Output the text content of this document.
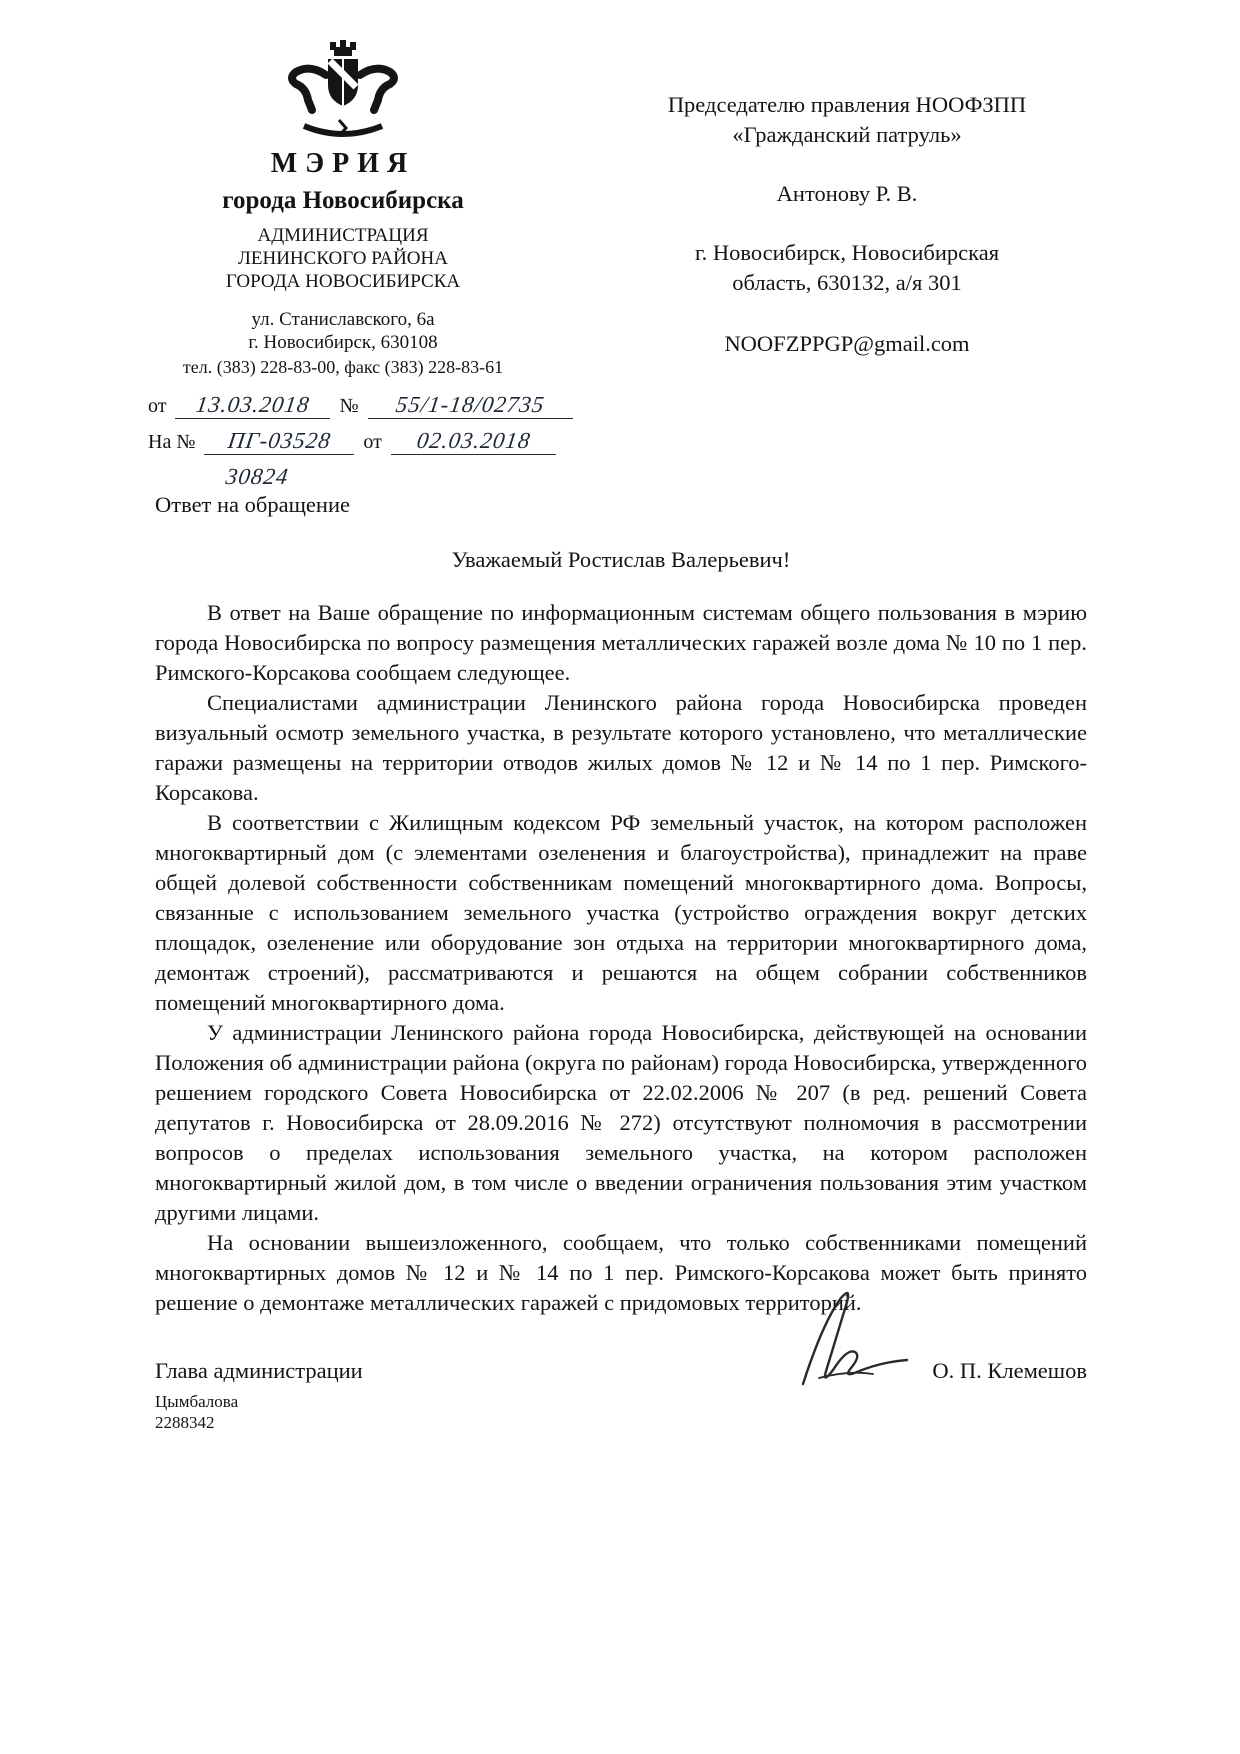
МЭРИЯ
города Новосибирска
АДМИНИСТРАЦИЯ
ЛЕНИНСКОГО РАЙОНА
ГОРОДА НОВОСИБИРСКА
ул. Станиславского, 6а
г. Новосибирск, 630108
тел. (383) 228-83-00, факс (383) 228-83-61
от 13.03.2018 № 55/1-18/02735
На № ПГ-03528 от 02.03.2018
30824
Председателю правления НООФЗПП
«Гражданский патруль»
Антонову Р. В.
г. Новосибирск, Новосибирская
область, 630132, а/я 301
NOOFZPPGP@gmail.com
Ответ на обращение
Уважаемый Ростислав Валерьевич!

В ответ на Ваше обращение по информационным системам общего пользования в мэрию города Новосибирска по вопросу размещения металлических гаражей возле дома № 10 по 1 пер. Римского-Корсакова сообщаем следующее.

Специалистами администрации Ленинского района города Новосибирска проведен визуальный осмотр земельного участка, в результате которого установлено, что металлические гаражи размещены на территории отводов жилых домов № 12 и № 14 по 1 пер. Римского-Корсакова.

В соответствии с Жилищным кодексом РФ земельный участок, на котором расположен многоквартирный дом (с элементами озеленения и благоустройства), принадлежит на праве общей долевой собственности собственникам помещений многоквартирного дома. Вопросы, связанные с использованием земельного участка (устройство ограждения вокруг детских площадок, озеленение или оборудование зон отдыха на территории многоквартирного дома, демонтаж строений), рассматриваются и решаются на общем собрании собственников помещений многоквартирного дома.

У администрации Ленинского района города Новосибирска, действующей на основании Положения об администрации района (округа по районам) города Новосибирска, утвержденного решением городского Совета Новосибирска от 22.02.2006 № 207 (в ред. решений Совета депутатов г. Новосибирска от 28.09.2016 № 272) отсутствуют полномочия в рассмотрении вопросов о пределах использования земельного участка, на котором расположен многоквартирный жилой дом, в том числе о введении ограничения пользования этим участком другими лицами.

На основании вышеизложенного, сообщаем, что только собственниками помещений многоквартирных домов № 12 и № 14 по 1 пер. Римского-Корсакова может быть принято решение о демонтаже металлических гаражей с придомовых территорий.

Глава администрации	О. П. Клемешов
Цымбалова
2288342
